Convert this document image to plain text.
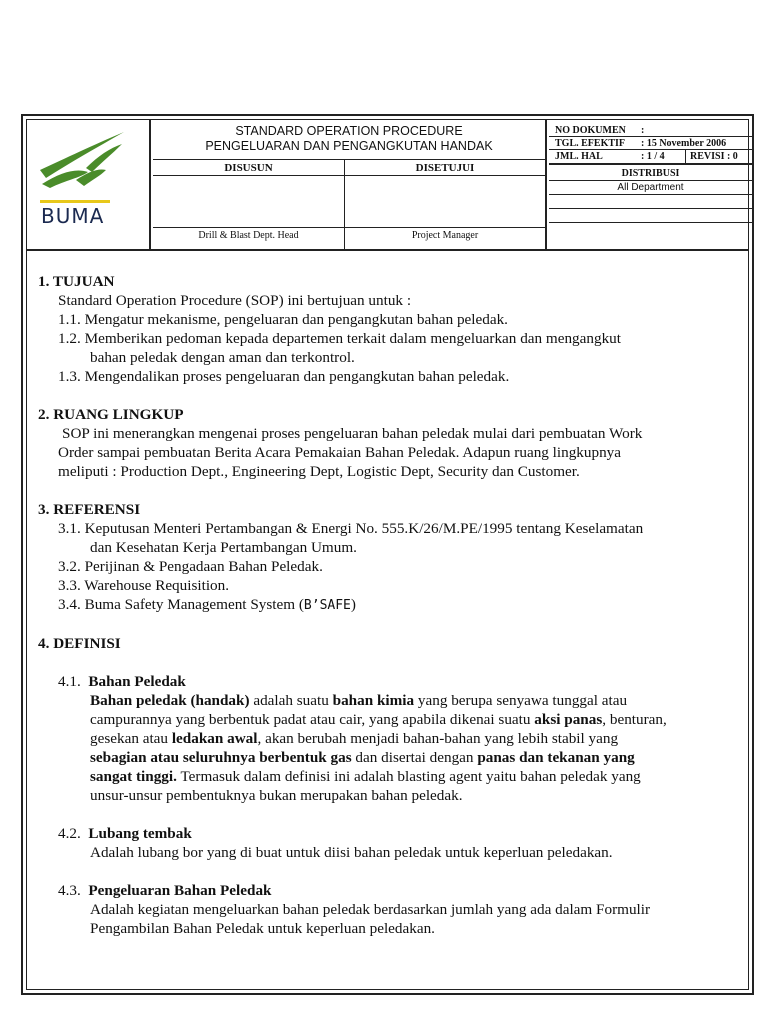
BUMA
STANDARD OPERATION PROCEDURE
PENGELUARAN DAN PENGANGKUTAN HANDAK
DISUSUN	DISETUJUI
Drill & Blast Dept. Head	Project Manager
NO DOKUMEN :
TGL. EFEKTIF : 15 November 2006
JML. HAL	: 1 / 4	REVISI : 0
DISTRIBUSI
All Department
1. TUJUAN
Standard Operation Procedure (SOP) ini bertujuan untuk :
1.1. Mengatur mekanisme, pengeluaran dan pengangkutan bahan peledak.
1.2. Memberikan pedoman kepada departemen terkait dalam mengeluarkan dan mengangkut
bahan peledak dengan aman dan terkontrol.
1.3. Mengendalikan proses pengeluaran dan pengangkutan bahan peledak.
2. RUANG LINGKUP
SOP ini menerangkan mengenai proses pengeluaran bahan peledak mulai dari pembuatan Work
Order sampai pembuatan Berita Acara Pemakaian Bahan Peledak. Adapun ruang lingkupnya
meliputi : Production Dept., Engineering Dept, Logistic Dept, Security dan Customer.
3. REFERENSI
3.1. Keputusan Menteri Pertambangan & Energi No. 555.K/26/M.PE/1995 tentang Keselamatan
dan Kesehatan Kerja Pertambangan Umum.
3.2. Perijinan & Pengadaan Bahan Peledak.
3.3. Warehouse Requisition.
3.4. Buma Safety Management System (B’SAFE)
4. DEFINISI
4.1. Bahan Peledak
Bahan peledak (handak) adalah suatu bahan kimia yang berupa senyawa tunggal atau
campurannya yang berbentuk padat atau cair, yang apabila dikenai suatu aksi panas, benturan,
gesekan atau ledakan awal, akan berubah menjadi bahan-bahan yang lebih stabil yang
sebagian atau seluruhnya berbentuk gas dan disertai dengan panas dan tekanan yang
sangat tinggi. Termasuk dalam definisi ini adalah blasting agent yaitu bahan peledak yang
unsur-unsur pembentuknya bukan merupakan bahan peledak.
4.2. Lubang tembak
Adalah lubang bor yang di buat untuk diisi bahan peledak untuk keperluan peledakan.
4.3. Pengeluaran Bahan Peledak
Adalah kegiatan mengeluarkan bahan peledak berdasarkan jumlah yang ada dalam Formulir
Pengambilan Bahan Peledak untuk keperluan peledakan.
